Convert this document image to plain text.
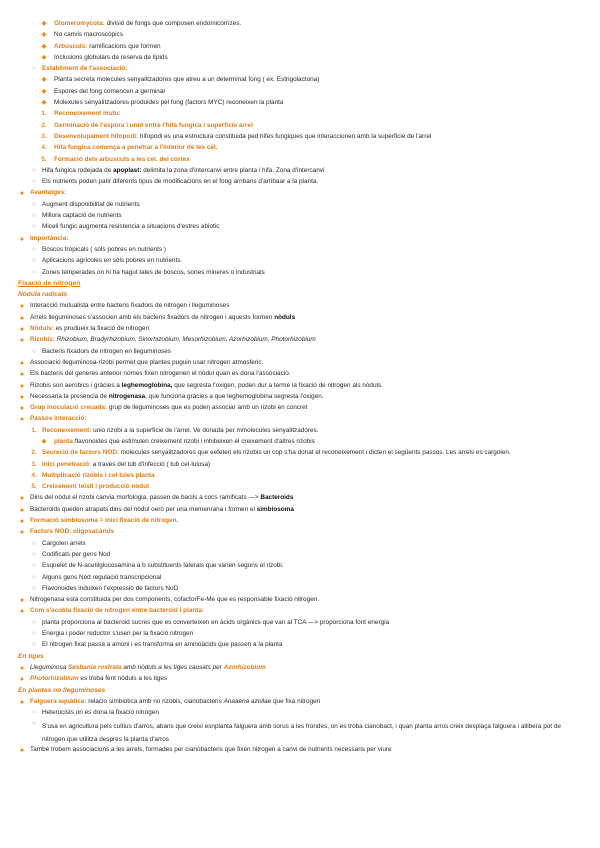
◆ Glomeromycota: divisió de fongs que composen endomicorrizes.
◆ No canvis macroscòpics
◆ Arbúsculs: ramificacions que formen
◆ Inclusions globulars de reserva de lípids
○ Establiment de l'associació:
◆ Planta secreta molecules senyalitzadores que atreu a un determinat fong ( ex. Estrigolactona)
◆ Espores del fong comencen a germinar
◆ Molexules senyalitzadores produides pel fong (factors MYC) reconeixen la planta
1. Reconeixement mutu:
2. Germinació de l'espora i unió entre l'hifa fungica i superficie arrel
3. Desenvolupament hifopodi: hifopodi es una estructura constituida ped hifes fungiques que interaccionen amb la superficie de l'arrel
4. Hifa fungica comença a penetrar a l'interior de les cèl.
5. Formació dels arbuscuIs a les cel. del cortex
○ Hifa fungica rodejada de apoplast: delimita la zona d'intercanvi entre planta i hifa. Zona d'intercanvi
○ Els nutrients poden patir diferents tipus de modificacions en el fong arnbans d'arribaar a la planta.
● Avantatges:
○ Augment disponibilitat de nutrients
○ Millora captació de nutrients
○ Miceli fungic augmenta resistencia a situacions d'estres abiotic
● Importància:
○ Boscos tropicals ( sòls pobres en nutrients )
○ Aplicacions agrícoles en sòls pobres en nutrients
○ Zones temperades on hi ha hagut tales de boscos, sones mineres o industrials
Fixació de nitrogen
Nòdula radicals
● Interacció mutualista entre bacteris fixadors de nitrogen i lleguminoses
● Arrels lleguminoses s'associen amb els bacteris fixadors de nitrogen i aquests formen nòduls
● Nòduls: es produeix la fixació de nitrogen
● Rizobis: Rhizobium, Bradyrhizobium, Sinorhizobium, Mesorhizobium, Azorhizobium, Photorhizobium
○ Bacteris fixadors de nitrogen en lleguminoses
● Associació lleguminosa-rizobi permet que plantes puguin usar nitrogen atmosferic.
● Els bacteris del generes anterior nomes fixen nitrogenen el nòdul quan es dona l'associacio.
● Rizobis son aerobics i gràcies a leghemoglobina, que segresta l'oxigen, poden dur a terme la fixació de nitrogen als nòduls.
● Necessaria la presencia de nitrogenasa, que funciona gràcies a que leghemoglobina segresta l'oxigen.
● Grup inoculació creuada: grup de lleguminoses que es poden associar amb un rizobi en concret
● Passos interacció:
1. Reconeixement: unio rizobi a la superficie de l'arrel. Ve donada per mmolecules senyalitzadores.
◆ planta:flavonoides que estimulen creixement rizobi i inhibeixen el creixement d'altres rizobis
2. Secreció de factors NOD: molecules senyalitzadores que eefeten els rizobis un cop s'ha donat el reconeixement i dicten el següents passos. Les arrels es cargolen.
3. Inici penetració: a traves del tub d'infecció ( tub cel·lulosa)
4. Multiplicació rizobis i cel·lules planta
5. Creixement teixit i producció nòdul
● Dins del nòdul el rizobi canvia morfologia, passen de bacils a cocs ramificats —> Bacteroids
● Bacteroids queden atrapats dins del nòdul oerò per una memenrana i formen el simbiosoma
● Formació simbiosoma = inici fixació de nitrogen.
● Factors NOD: oligosacàrids
○ Cargolen arrels
○ Codificats per gens Nod
○ Esquelet de N-acetilglucosamina a b substituents laterals que varien segons el rizobi.
○ Alguns gens Nod regulació transcripcional
○ Flavonoides induixen l'expressió de factors NoD
● Nitrogenasa està constituida per dos components, cofactorFe-Me que es responsable fixació nitrogen.
● Com s'acoblа fixació de nitrogen entre bacteroid i planta:
○ planta proporciona al bacteroid sucres que es converteixen en àcids orgànics que van al TCA —> proporciona font energia
○ Energia i poder reductor s'usen per la fixació nitrogen
○ El nitrogen fixat passa a amoni i es transforma en aminoàcids que passen a la planta
En tiges
● Lleguminosa Sesbania rostrata amb nòduls a les tiges causats per Azorhizobium
● Photorhizobium es troba fent nòduls a les tiges
En plantes no lleguminoses
● Falguera aquàtica: relacio simbiotica amb no rizobis, cianobacteris Anaaena azollae que fixa nitrogen
○ Heterocists on es dona la fixació nitrogen
○ S'usa en agricultura pels cultius d'arros, abans que creixi esnplanta falguera amb sorus a les frondes, on es troba cianobact, i quan planta arros creix desplaça falguera i allibera pot de nitrogen que utilitza despres la planta d'arros
● També trobem associacions a les arrels, formades per cianobacteris que fixen nitrogen a canvi de nutrients necessaris per viure
